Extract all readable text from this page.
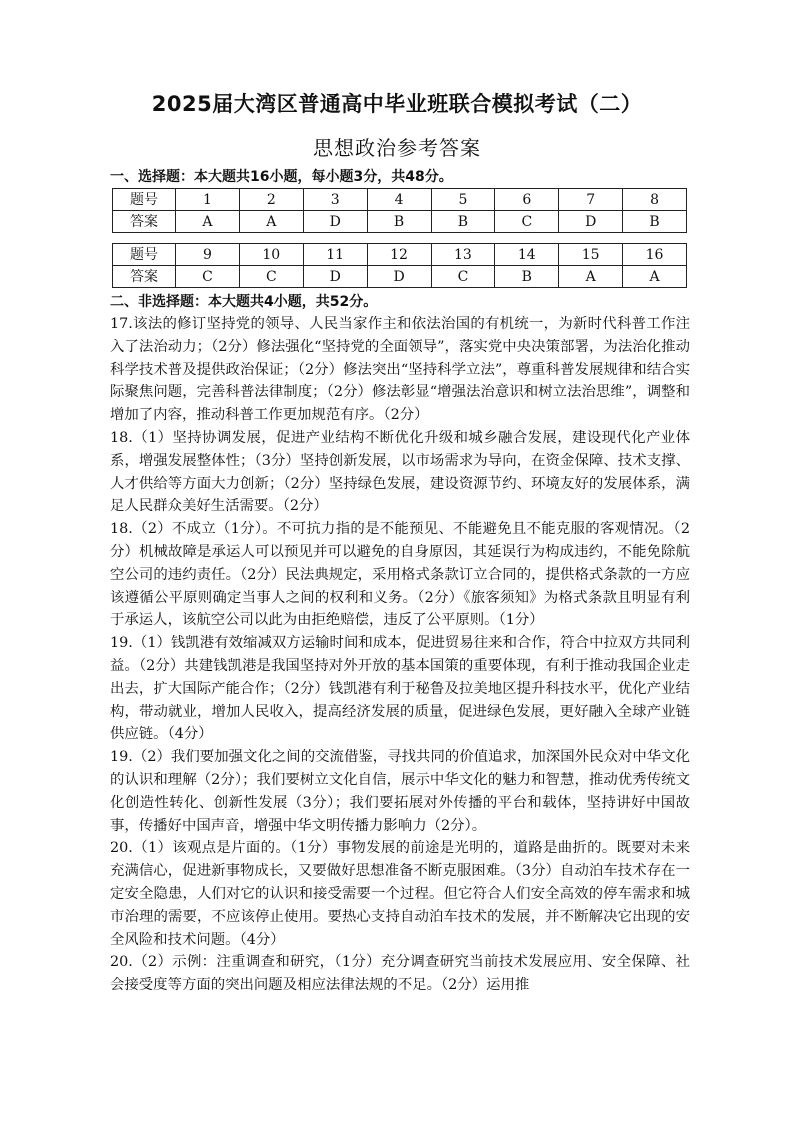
2025届大湾区普通高中毕业班联合模拟考试（二）
思想政治参考答案
一、选择题：本大题共16小题，每小题3分，共48分。
题号	1	2	3	4	5	6	7	8
答案	A	A	D	B	B	C	D	B
题号	9	10	11	12	13	14	15	16
答案	C	C	D	D	C	B	A	A
二、非选择题：本大题共4小题，共52分。

17.该法的修订坚持党的领导、人民当家作主和依法治国的有机统一，为新时代科普工作注入了法治动力；（2分）修法强化“坚持党的全面领导”，落实党中央决策部署，为法治化推动科学技术普及提供政治保证；（2分）修法突出“坚持科学立法”，尊重科普发展规律和结合实际聚焦问题，完善科普法律制度；（2分）修法彰显“增强法治意识和树立法治思维”，调整和增加了内容，推动科普工作更加规范有序。（2分）

18.（1）坚持协调发展，促进产业结构不断优化升级和城乡融合发展，建设现代化产业体系，增强发展整体性；（3分）坚持创新发展，以市场需求为导向，在资金保障、技术支撑、人才供给等方面大力创新；（2分）坚持绿色发展，建设资源节约、环境友好的发展体系，满足人民群众美好生活需要。（2分）

18.（2）不成立（1分）。不可抗力指的是不能预见、不能避免且不能克服的客观情况。（2分）机械故障是承运人可以预见并可以避免的自身原因，其延误行为构成违约，不能免除航空公司的违约责任。（2分）民法典规定，采用格式条款订立合同的，提供格式条款的一方应该遵循公平原则确定当事人之间的权利和义务。（2分）《旅客须知》为格式条款且明显有利于承运人，该航空公司以此为由拒绝赔偿，违反了公平原则。（1分）

19.（1）钱凯港有效缩减双方运输时间和成本，促进贸易往来和合作，符合中拉双方共同利益。（2分）共建钱凯港是我国坚持对外开放的基本国策的重要体现，有利于推动我国企业走出去，扩大国际产能合作；（2分）钱凯港有利于秘鲁及拉美地区提升科技水平，优化产业结构，带动就业，增加人民收入，提高经济发展的质量，促进绿色发展，更好融入全球产业链供应链。（4分）

19.（2）我们要加强文化之间的交流借鉴，寻找共同的价值追求，加深国外民众对中华文化的认识和理解（2分）；我们要树立文化自信，展示中华文化的魅力和智慧，推动优秀传统文化创造性转化、创新性发展（3分）；我们要拓展对外传播的平台和载体，坚持讲好中国故事，传播好中国声音，增强中华文明传播力影响力（2分）。

20.（1）该观点是片面的。（1分）事物发展的前途是光明的，道路是曲折的。既要对未来充满信心，促进新事物成长，又要做好思想准备不断克服困难。（3分）自动泊车技术存在一定安全隐患，人们对它的认识和接受需要一个过程。但它符合人们安全高效的停车需求和城市治理的需要，不应该停止使用。要热心支持自动泊车技术的发展，并不断解决它出现的安全风险和技术问题。（4分）

20.（2）示例：注重调查和研究，（1分）充分调查研究当前技术发展应用、安全保障、社会接受度等方面的突出问题及相应法律法规的不足。（2分）运用推
